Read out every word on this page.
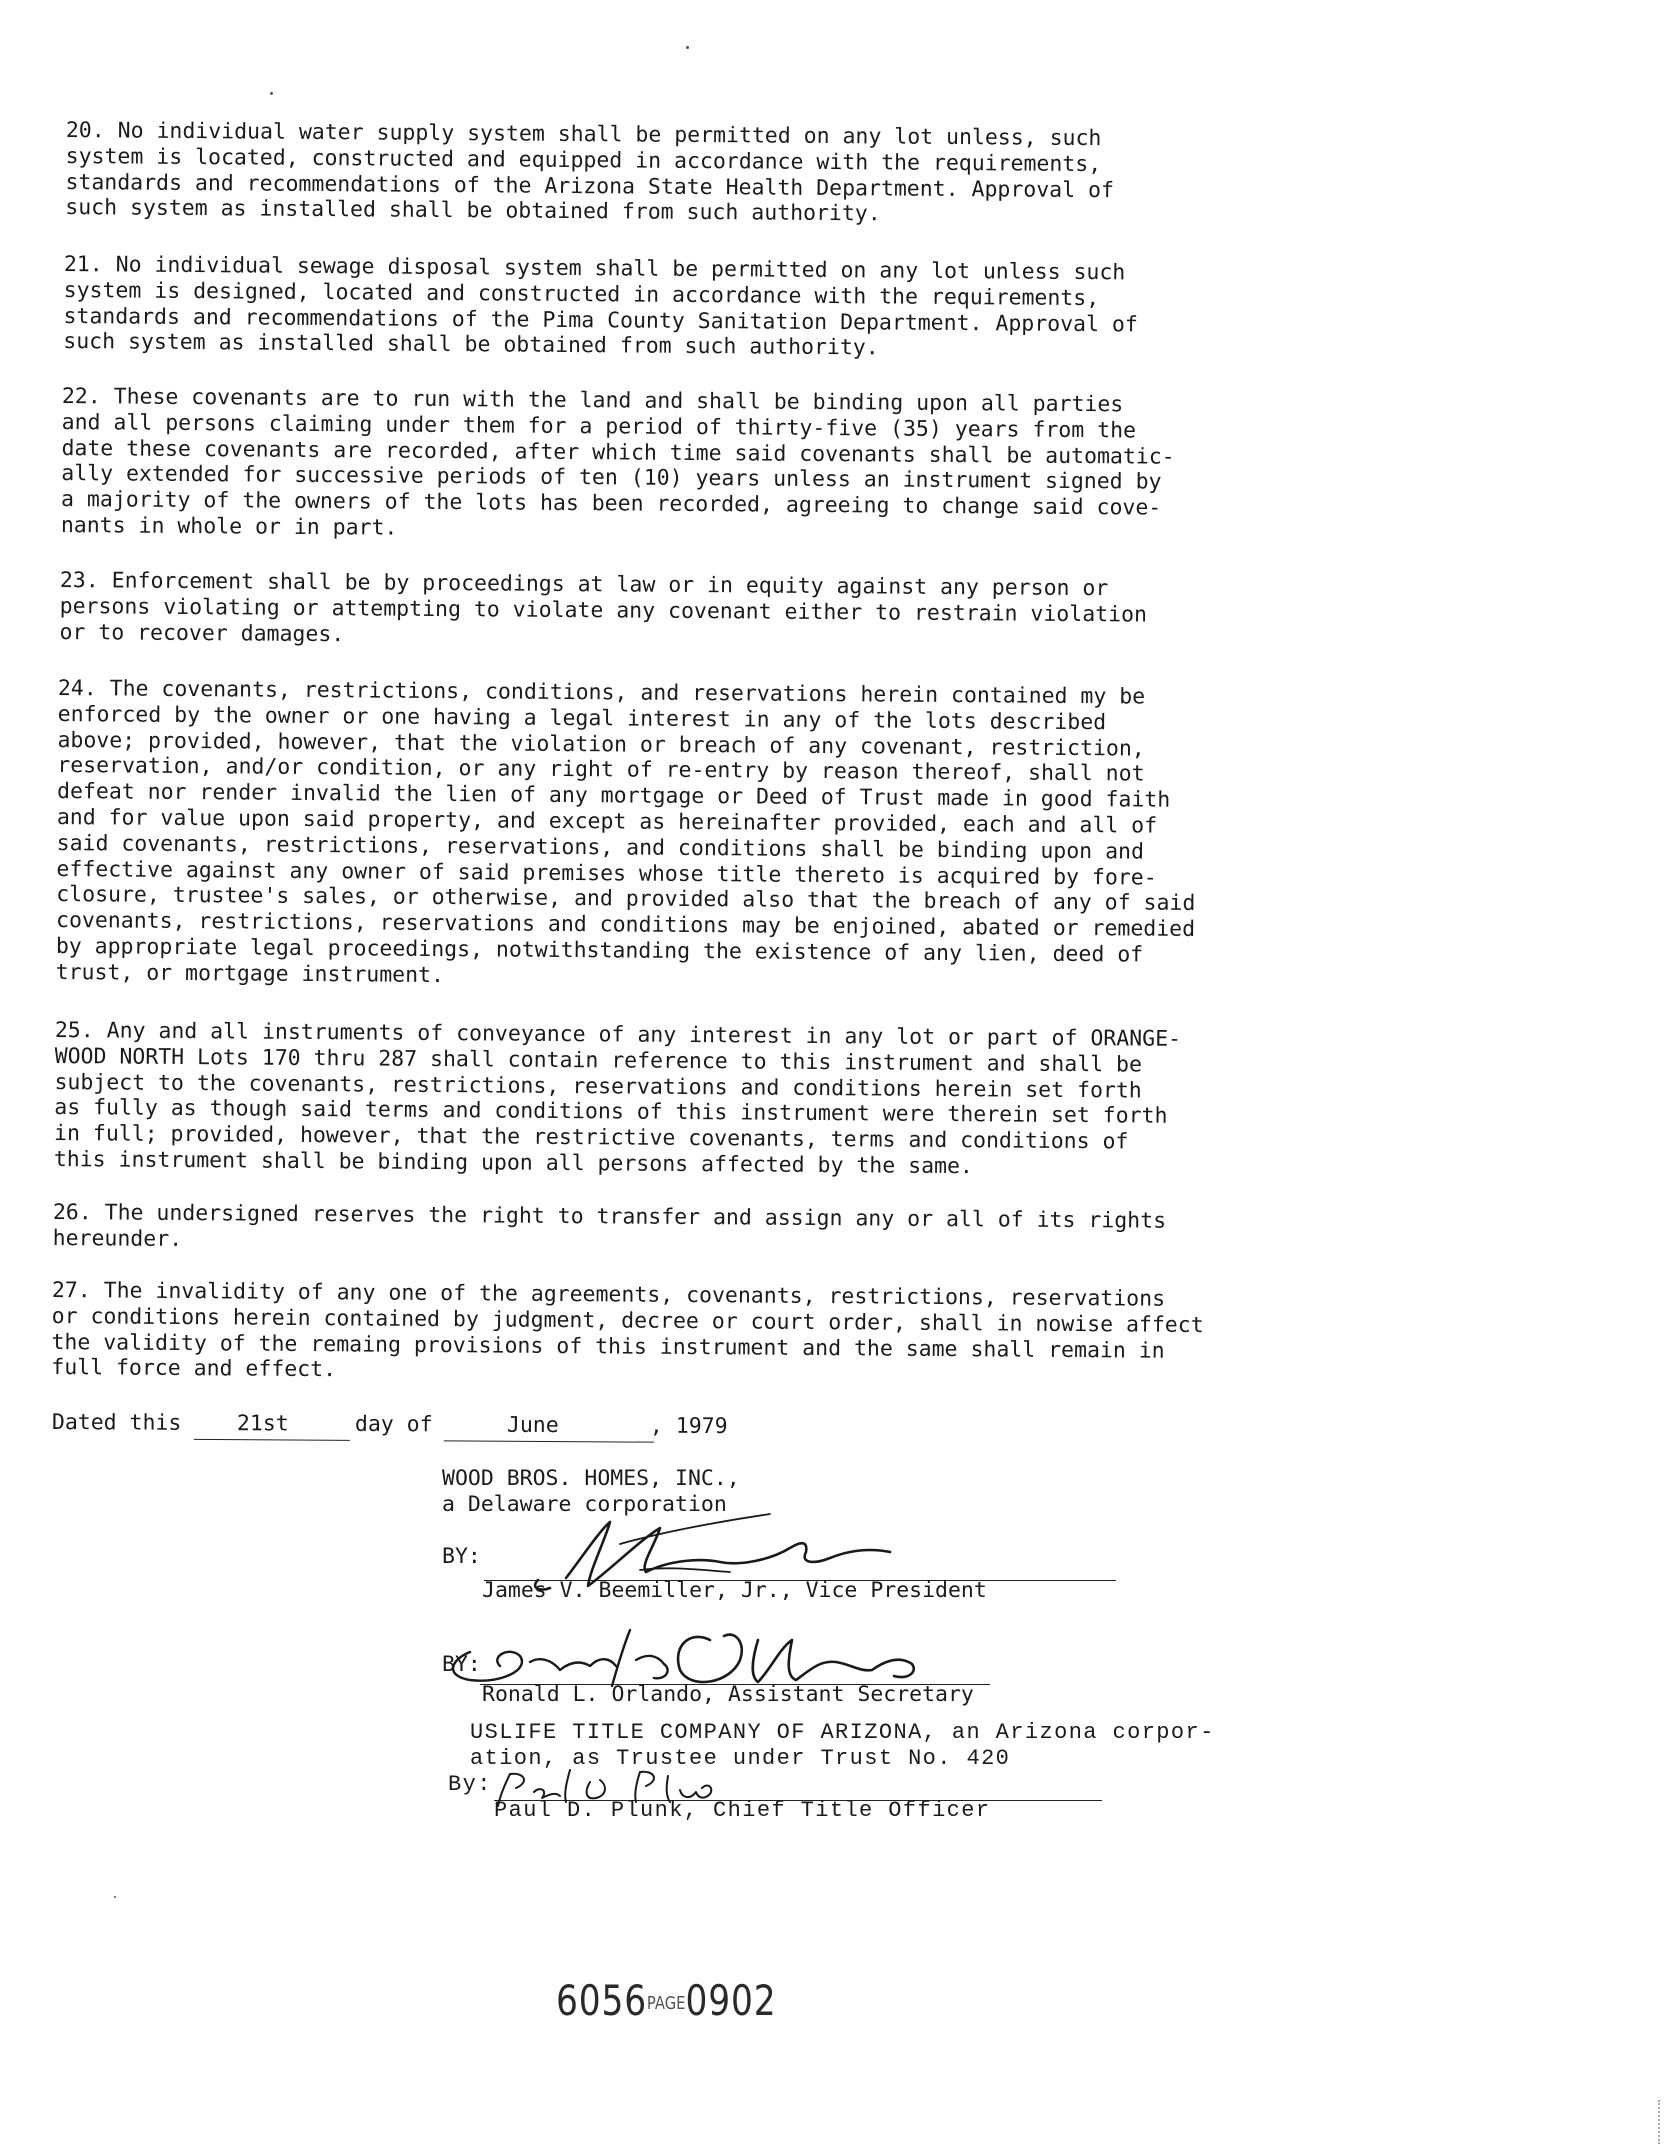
20. No individual water supply system shall be permitted on any lot unless, such
system is located, constructed and equipped in accordance with the requirements,
standards and recommendations of the Arizona State Health Department. Approval of
such system as installed shall be obtained from such authority.

21. No individual sewage disposal system shall be permitted on any lot unless such
system is designed, located and constructed in accordance with the requirements,
standards and recommendations of the Pima County Sanitation Department. Approval of
such system as installed shall be obtained from such authority.

22. These covenants are to run with the land and shall be binding upon all parties
and all persons claiming under them for a period of thirty-five (35) years from the
date these covenants are recorded, after which time said covenants shall be automatic-
ally extended for successive periods of ten (10) years unless an instrument signed by
a majority of the owners of the lots has been recorded, agreeing to change said cove-
nants in whole or in part.

23. Enforcement shall be by proceedings at law or in equity against any person or
persons violating or attempting to violate any covenant either to restrain violation
or to recover damages.

24. The covenants, restrictions, conditions, and reservations herein contained my be
enforced by the owner or one having a legal interest in any of the lots described
above; provided, however, that the violation or breach of any covenant, restriction,
reservation, and/or condition, or any right of re-entry by reason thereof, shall not
defeat nor render invalid the lien of any mortgage or Deed of Trust made in good faith
and for value upon said property, and except as hereinafter provided, each and all of
said covenants, restrictions, reservations, and conditions shall be binding upon and
effective against any owner of said premises whose title thereto is acquired by fore-
closure, trustee's sales, or otherwise, and provided also that the breach of any of said
covenants, restrictions, reservations and conditions may be enjoined, abated or remedied
by appropriate legal proceedings, notwithstanding the existence of any lien, deed of
trust, or mortgage instrument.

25. Any and all instruments of conveyance of any interest in any lot or part of ORANGE-
WOOD NORTH Lots 170 thru 287 shall contain reference to this instrument and shall be
subject to the covenants, restrictions, reservations and conditions herein set forth
as fully as though said terms and conditions of this instrument were therein set forth
in full; provided, however, that the restrictive covenants, terms and conditions of
this instrument shall be binding upon all persons affected by the same.

26. The undersigned reserves the right to transfer and assign any or all of its rights
hereunder.

27. The invalidity of any one of the agreements, covenants, restrictions, reservations
or conditions herein contained by judgment, decree or court order, shall in nowise affect
the validity of the remaing provisions of this instrument and the same shall remain in
full force and effect.

Dated this

	21st

	day of

	June

	, 1979

WOOD BROS. HOMES, INC.,
a Delaware corporation
BY:
James V. Beemiller, Jr., Vice President
BY:
Ronald L. Orlando, Assistant Secretary
USLIFE TITLE COMPANY OF ARIZONA, an Arizona corpor-
ation, as Trustee under Trust No. 420
By:
Paul D. Plunk, Chief Title Officer
6056PAGE0902
